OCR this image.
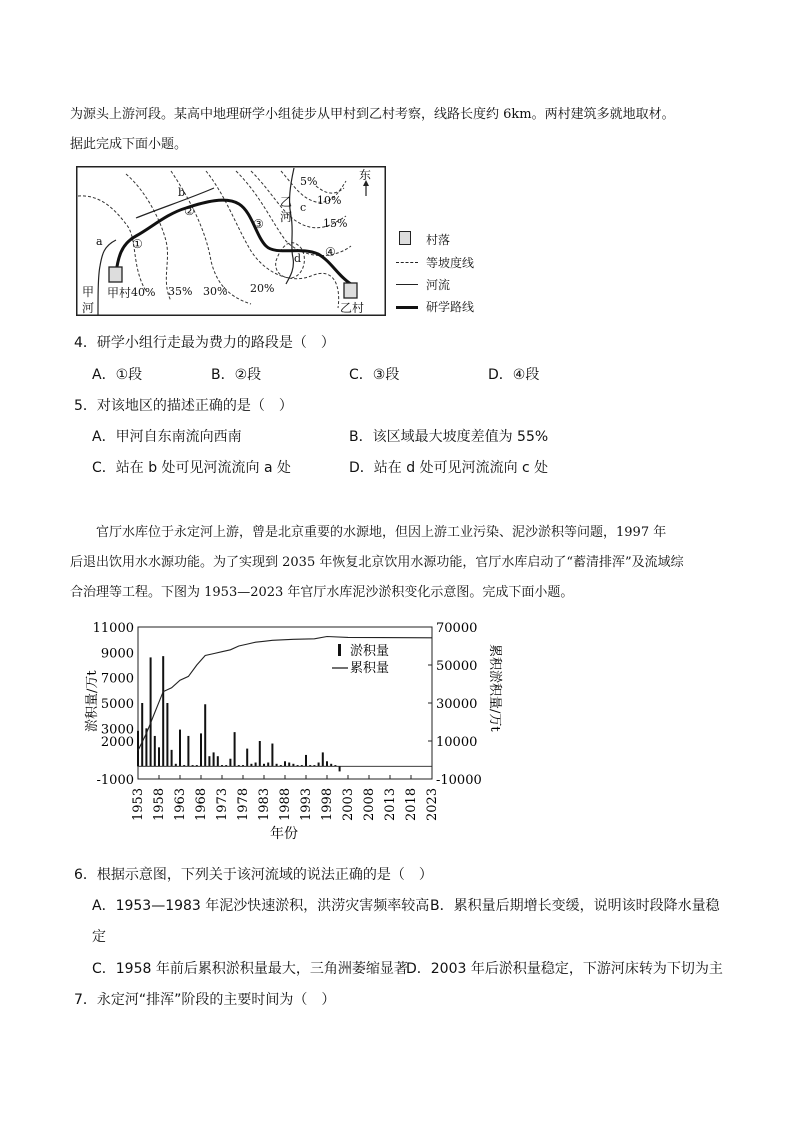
为源头上游河段。某高中地理研学小组徒步从甲村到乙村考察，线路长度约 6km。两村建筑多就地取材。
据此完成下面小题。
东
5%
10%
15%
20%
30%
35%
40%
a
b
c
d
①
②
③
④
乙
河
甲
河
甲村
乙村
村落
等坡度线
河流
研学路线
4．研学小组行走最为费力的路段是（　）
A．①段	B．②段	C．③段	D．④段
5．对该地区的描述正确的是（　）
A．甲河自东南流向西南	B．该区域最大坡度差值为 55%
C．站在 b 处可见河流流向 a 处	D．站在 d 处可见河流流向 c 处
官厅水库位于永定河上游，曾是北京重要的水源地，但因上游工业污染、泥沙淤积等问题，1997 年
后退出饮用水水源功能。为了实现到 2035 年恢复北京饮用水源功能，官厅水库启动了“蓄清排浑”及流域综
合治理等工程。下图为 1953—2023 年官厅水库泥沙淤积变化示意图。完成下面小题。
1953 1958 1963 1968 1973 1978 1983 1988 1993 1998 2003 2008 2013 2018 2023
11000
9000
7000
5000
3000
2000
-1000
70000
50000
30000
10000
-10000
淤积量
累积量
淤积量/万t	累积淤积量/万t
年份
6．根据示意图，下列关于该河流域的说法正确的是（　）
A．1953—1983 年泥沙快速淤积，洪涝灾害频率较高 B．累积量后期增长变缓，说明该时段降水量稳
定
C．1958 年前后累积淤积量最大，三角洲萎缩显著
D．2003 年后淤积量稳定，下游河床转为下切为主
7．永定河“排浑”阶段的主要时间为（　）
